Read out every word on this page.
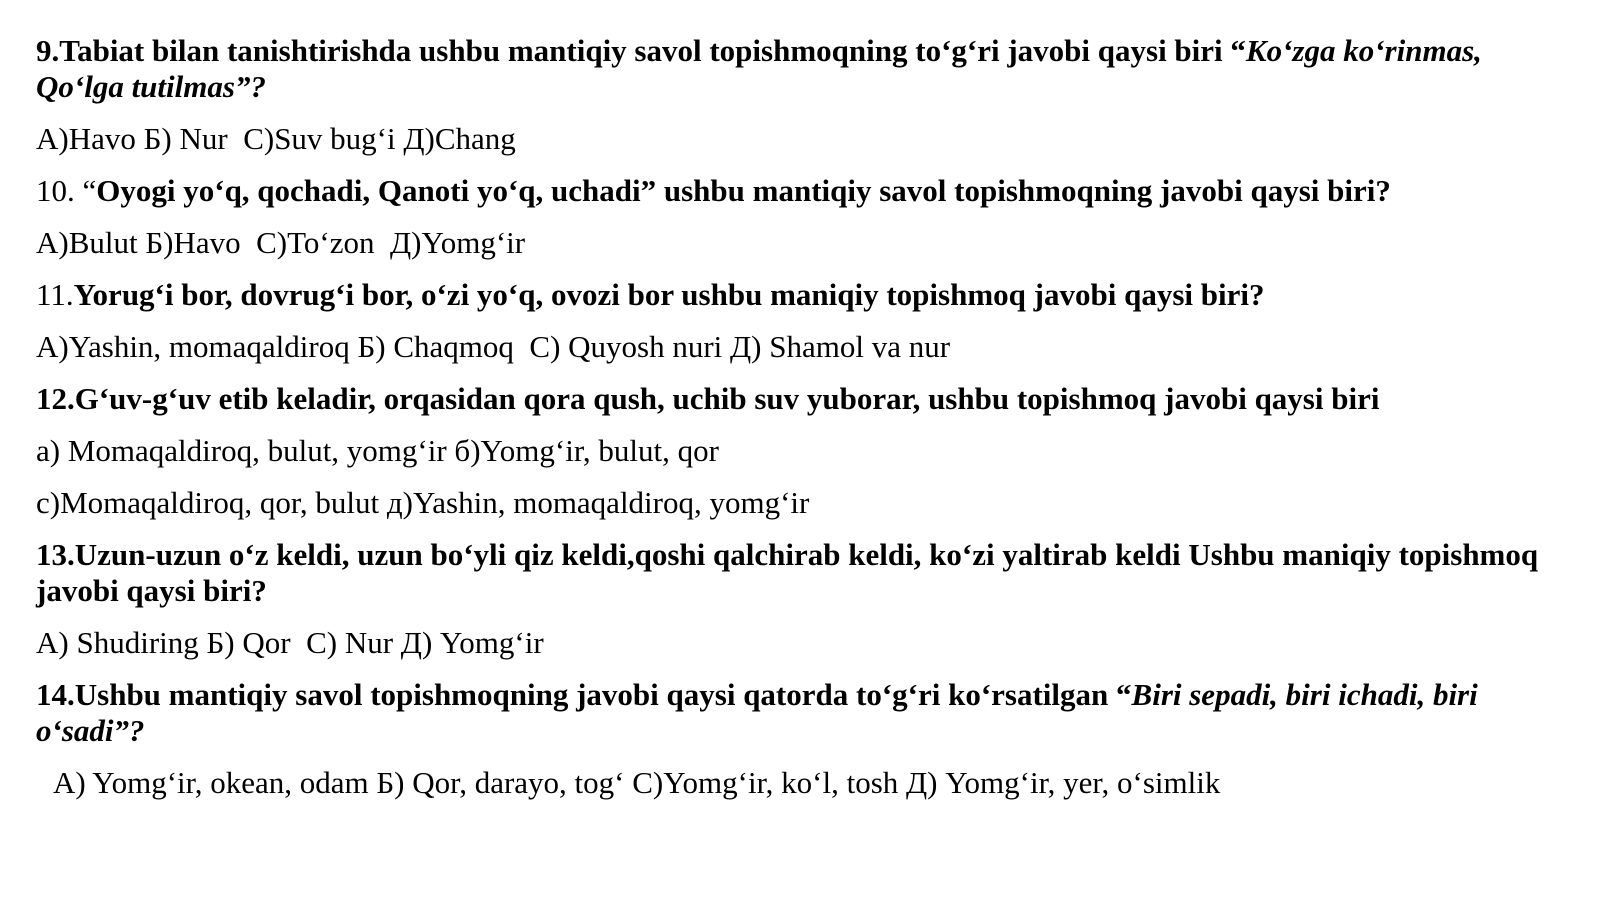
9.Tabiat bilan tanishtirishda ushbu mantiqiy savol topishmoqning to‘g‘ri javobi qaysi biri “Ko‘zga ko‘rinmas, Qo‘lga tutilmas”?

A)Havo Б) Nur  C)Suv bug‘i Д)Chang

10. “Oyogi yo‘q, qochadi, Qanoti yo‘q, uchadi” ushbu mantiqiy savol topishmoqning javobi qaysi biri?

A)Bulut Б)Havo  C)To‘zon  Д)Yomg‘ir

11.Yorug‘i bor, dovrug‘i bor, o‘zi yo‘q, ovozi bor ushbu maniqiy topishmoq javobi qaysi biri?

A)Yashin, momaqaldiroq Б) Chaqmoq  C) Quyosh nuri Д) Shamol va nur

12.G‘uv-g‘uv etib keladir, orqasidan qora qush, uchib suv yuborar, ushbu topishmoq javobi qaysi biri

a) Momaqaldiroq, bulut, yomg‘ir б)Yomg‘ir, bulut, qor

c)Momaqaldiroq, qor, bulut д)Yashin, momaqaldiroq, yomg‘ir

13.Uzun-uzun o‘z keldi, uzun bo‘yli qiz keldi,qoshi qalchirab keldi, ko‘zi yaltirab keldi Ushbu maniqiy topishmoq javobi qaysi biri?

A) Shudiring Б) Qor  C) Nur Д) Yomg‘ir

14.Ushbu mantiqiy savol topishmoqning javobi qaysi qatorda to‘g‘ri ko‘rsatilgan “Biri sepadi, biri ichadi, biri o‘sadi”?

A) Yomg‘ir, okean, odam Б) Qor, darayo, tog‘ C)Yomg‘ir, ko‘l, tosh Д) Yomg‘ir, yer, o‘simlik
